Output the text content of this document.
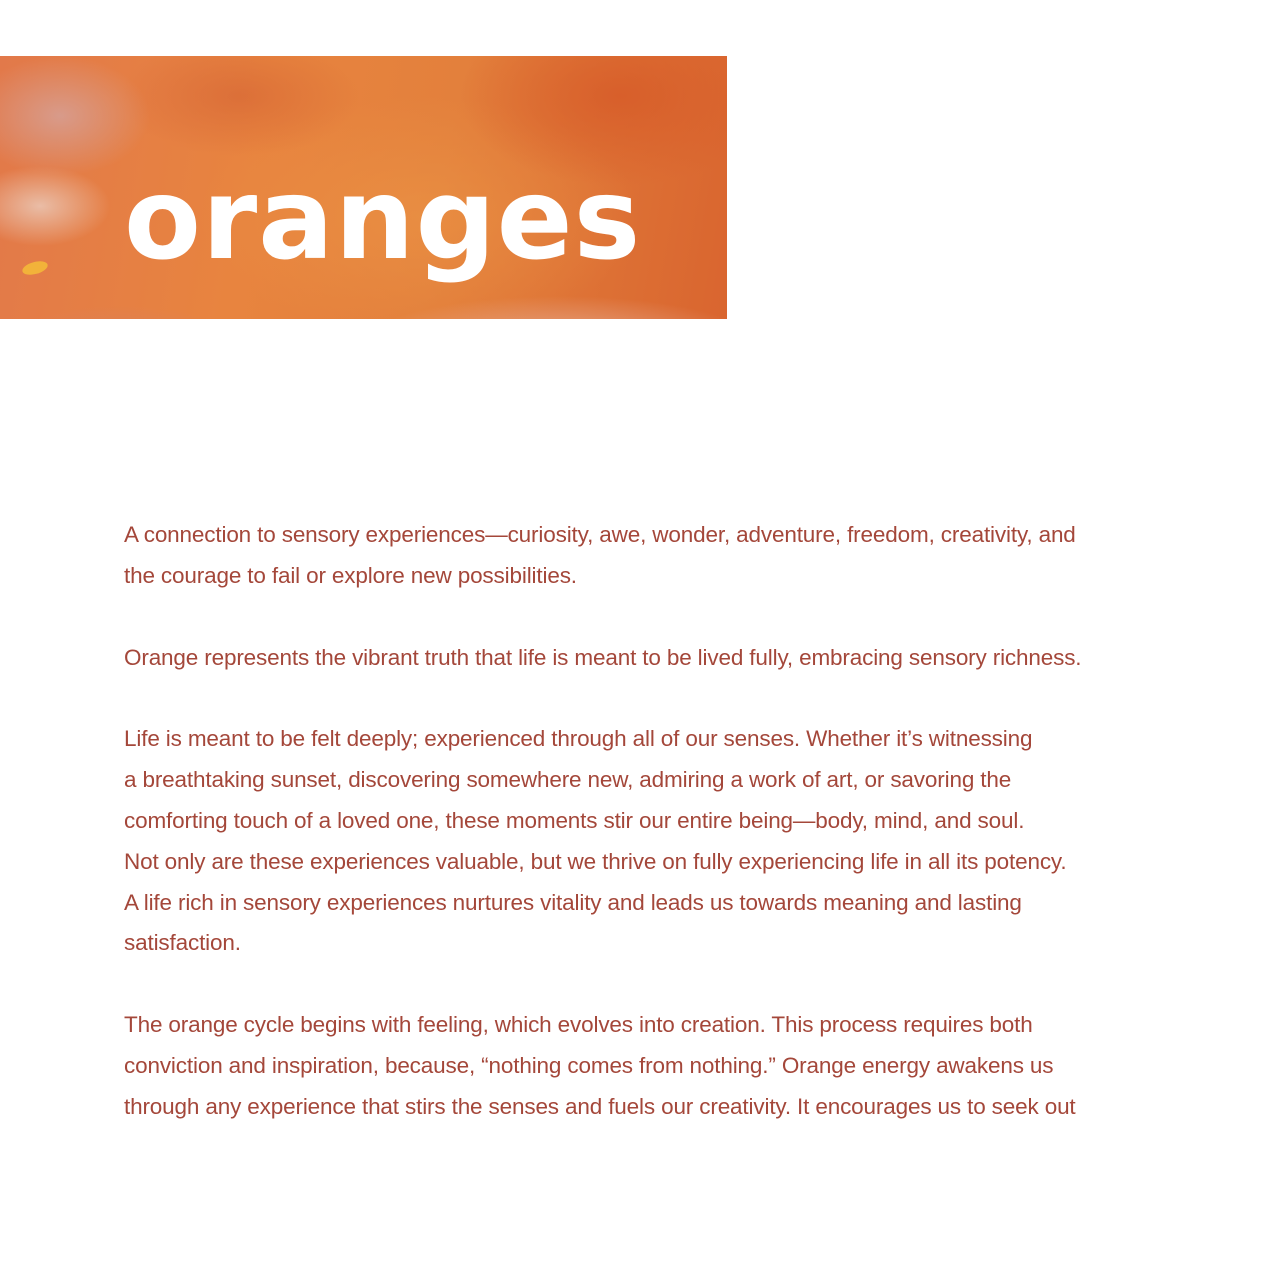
oranges

A connection to sensory experiences—curiosity, awe, wonder, adventure, freedom, creativity, and
the courage to fail or explore new possibilities.

Orange represents the vibrant truth that life is meant to be lived fully, embracing sensory richness.

Life is meant to be felt deeply; experienced through all of our senses. Whether it’s witnessing
a breathtaking sunset, discovering somewhere new, admiring a work of art, or savoring the
comforting touch of a loved one, these moments stir our entire being—body, mind, and soul.
Not only are these experiences valuable, but we thrive on fully experiencing life in all its potency.
A life rich in sensory experiences nurtures vitality and leads us towards meaning and lasting
satisfaction.

The orange cycle begins with feeling, which evolves into creation. This process requires both
conviction and inspiration, because, “nothing comes from nothing.” Orange energy awakens us
through any experience that stirs the senses and fuels our creativity. It encourages us to seek out
